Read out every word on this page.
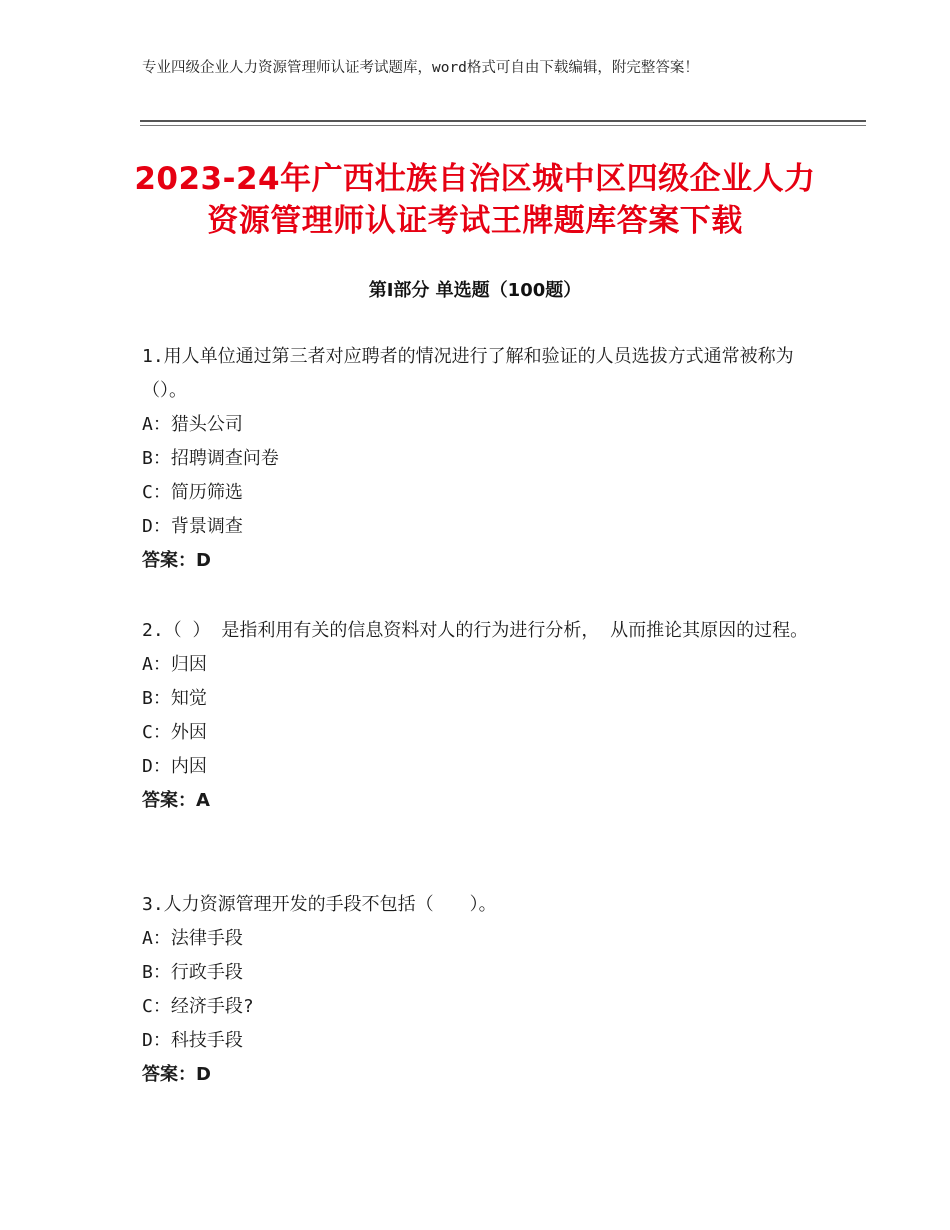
专业四级企业人力资源管理师认证考试题库，word格式可自由下载编辑，附完整答案！
2023-24年广西壮族自治区城中区四级企业人力资源管理师认证考试王牌题库答案下载
第Ⅰ部分 单选题（100题）

1.用人单位通过第三者对应聘者的情况进行了解和验证的人员选拔方式通常被称为（）。

A：猎头公司

B：招聘调查问卷

C：简历筛选

D：背景调查

答案：D

2.（ ） 是指利用有关的信息资料对人的行为进行分析， 从而推论其原因的过程。

A：归因

B：知觉

C：外因

D：内因

答案：A

3.人力资源管理开发的手段不包括（　　）。

A：法律手段

B：行政手段

C：经济手段?

D：科技手段

答案：D
